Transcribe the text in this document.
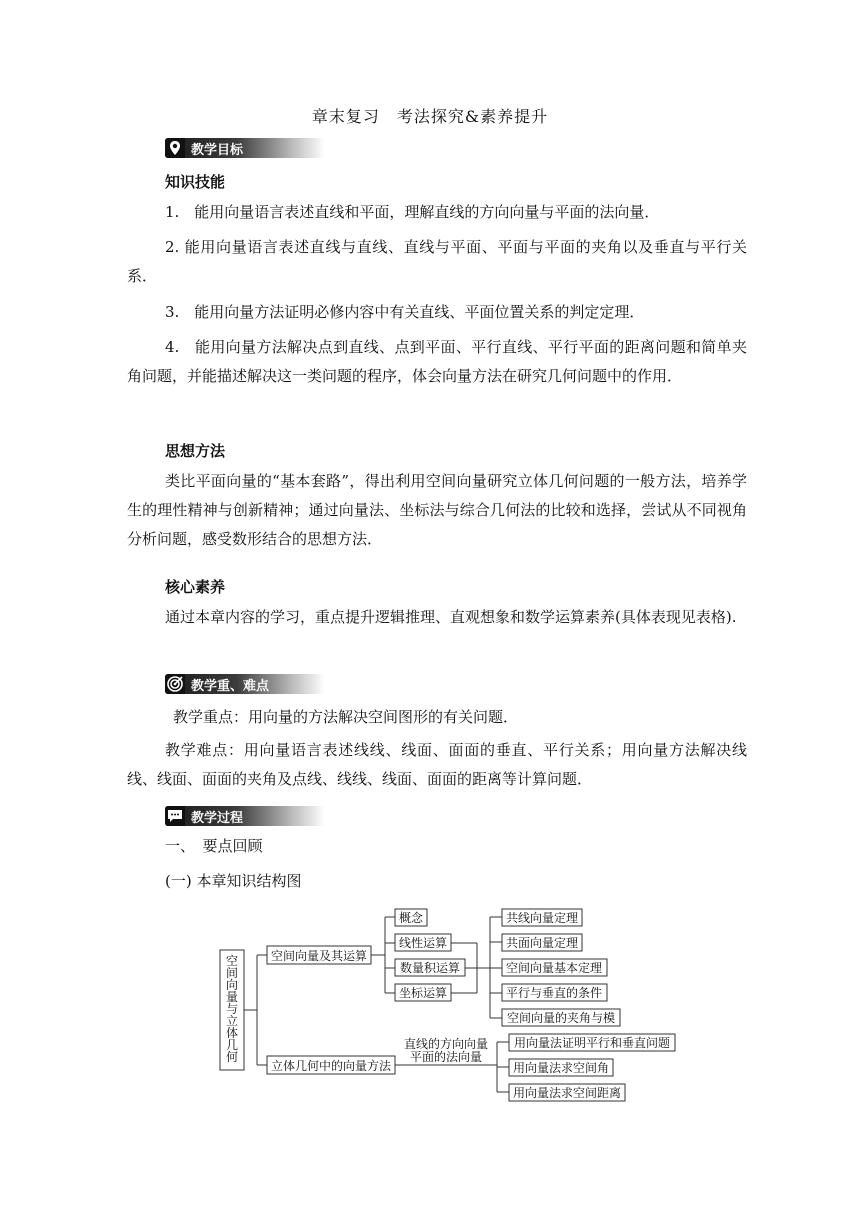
章末复习　考法探究&素养提升
教学目标
知识技能

1.　能用向量语言表述直线和平面，理解直线的方向向量与平面的法向量．

2. 能用向量语言表述直线与直线、直线与平面、平面与平面的夹角以及垂直与平行关系．

3.　能用向量方法证明必修内容中有关直线、平面位置关系的判定定理．

4.　能用向量方法解决点到直线、点到平面、平行直线、平行平面的距离问题和简单夹角问题，并能描述解决这一类问题的程序，体会向量方法在研究几何问题中的作用．

思想方法

类比平面向量的“基本套路”，得出利用空间向量研究立体几何问题的一般方法，培养学生的理性精神与创新精神；通过向量法、坐标法与综合几何法的比较和选择，尝试从不同视角分析问题，感受数形结合的思想方法．

核心素养

通过本章内容的学习，重点提升逻辑推理、直观想象和数学运算素养(具体表现见表格).

教学重、难点

教学重点：用向量的方法解决空间图形的有关问题．

教学难点：用向量语言表述线线、线面、面面的垂直、平行关系；用向量方法解决线线、线面、面面的夹角及点线、线线、线面、面面的距离等计算问题．

教学过程

一、　要点回顾

(一) 本章知识结构图

空
间
向
量
与
立
体
几
何
空间向量及其运算
概念
线性运算
数量积运算
坐标运算
共线向量定理
共面向量定理
空间向量基本定理
平行与垂直的条件
空间向量的夹角与模
立体几何中的向量方法
直线的方向向量
平面的法向量
用向量法证明平行和垂直问题
用向量法求空间角
用向量法求空间距离
